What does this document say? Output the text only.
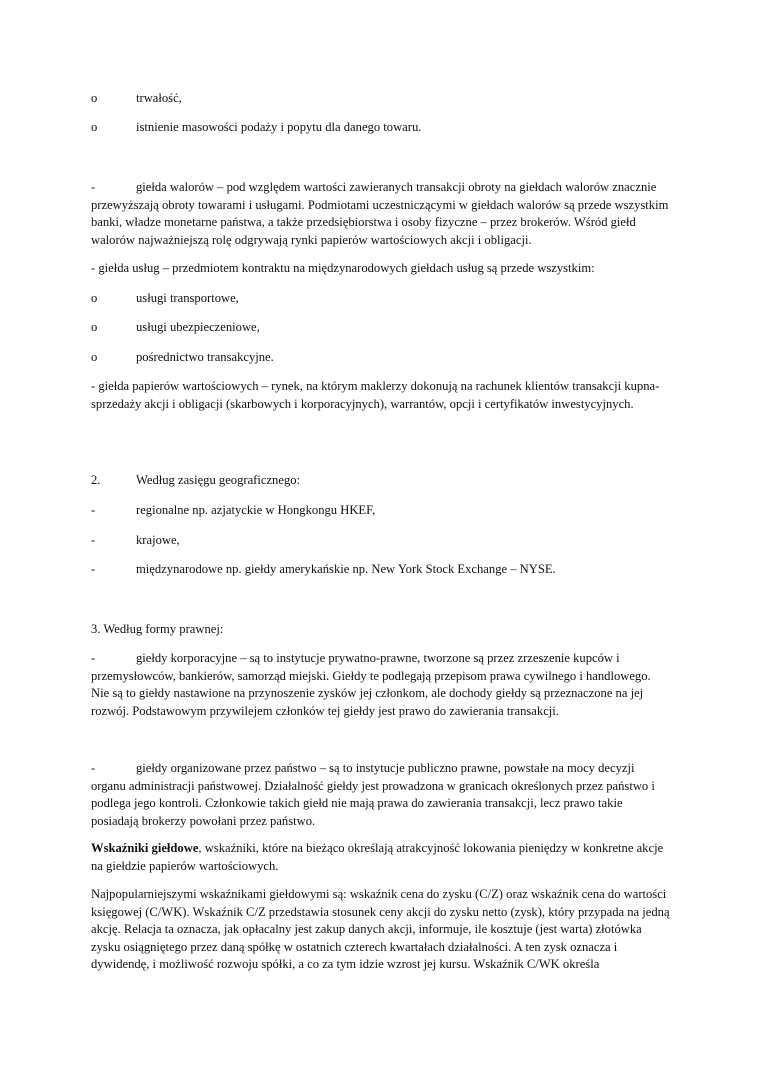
o	trwałość,

o	istnienie masowości podaży i popytu dla danego towaru.

-	giełda walorów – pod względem wartości zawieranych transakcji obroty na giełdach walorów znacznie przewyższają obroty towarami i usługami. Podmiotami uczestniczącymi w giełdach walorów są przede wszystkim banki, władze monetarne państwa, a także przedsiębiorstwa i osoby fizyczne – przez brokerów. Wśród giełd walorów najważniejszą rolę odgrywają rynki papierów wartościowych akcji i obligacji.

- giełda usług – przedmiotem kontraktu na międzynarodowych giełdach usług są przede wszystkim:

o	usługi transportowe,

o	usługi ubezpieczeniowe,

o	pośrednictwo transakcyjne.

- giełda papierów wartościowych – rynek, na którym maklerzy dokonują na rachunek klientów transakcji kupna-sprzedaży akcji i obligacji (skarbowych i korporacyjnych), warrantów, opcji i certyfikatów inwestycyjnych.

2.	Według zasięgu geograficznego:

-	regionalne np. azjatyckie w Hongkongu HKEF,

-	krajowe,

-	międzynarodowe np. giełdy amerykańskie np. New York Stock Exchange – NYSE.

3. Według formy prawnej:

-	giełdy korporacyjne – są to instytucje prywatno-prawne, tworzone są przez zrzeszenie kupców i przemysłowców, bankierów, samorząd miejski. Giełdy te podlegają przepisom prawa cywilnego i handlowego. Nie są to giełdy nastawione na przynoszenie zysków jej członkom, ale dochody giełdy są przeznaczone na jej rozwój. Podstawowym przywilejem członków tej giełdy jest prawo do zawierania transakcji.

-	giełdy organizowane przez państwo – są to instytucje publiczno prawne, powstałe na mocy decyzji organu administracji państwowej. Działalność giełdy jest prowadzona w granicach określonych przez państwo i podlega jego kontroli. Członkowie takich giełd nie mają prawa do zawierania transakcji, lecz prawo takie posiadają brokerzy powołani przez państwo.

Wskaźniki giełdowe, wskaźniki, które na bieżąco określają atrakcyjność lokowania pieniędzy w konkretne akcje na giełdzie papierów wartościowych.

Najpopularniejszymi wskaźnikami giełdowymi są: wskaźnik cena do zysku (C/Z) oraz wskaźnik cena do wartości księgowej (C/WK). Wskaźnik C/Z przedstawia stosunek ceny akcji do zysku netto (zysk), który przypada na jedną akcję. Relacja ta oznacza, jak opłacalny jest zakup danych akcji, informuje, ile kosztuje (jest warta) złotówka zysku osiągniętego przez daną spółkę w ostatnich czterech kwartałach działalności. A ten zysk oznacza i dywidendę, i możliwość rozwoju spółki, a co za tym idzie wzrost jej kursu. Wskaźnik C/WK określa
